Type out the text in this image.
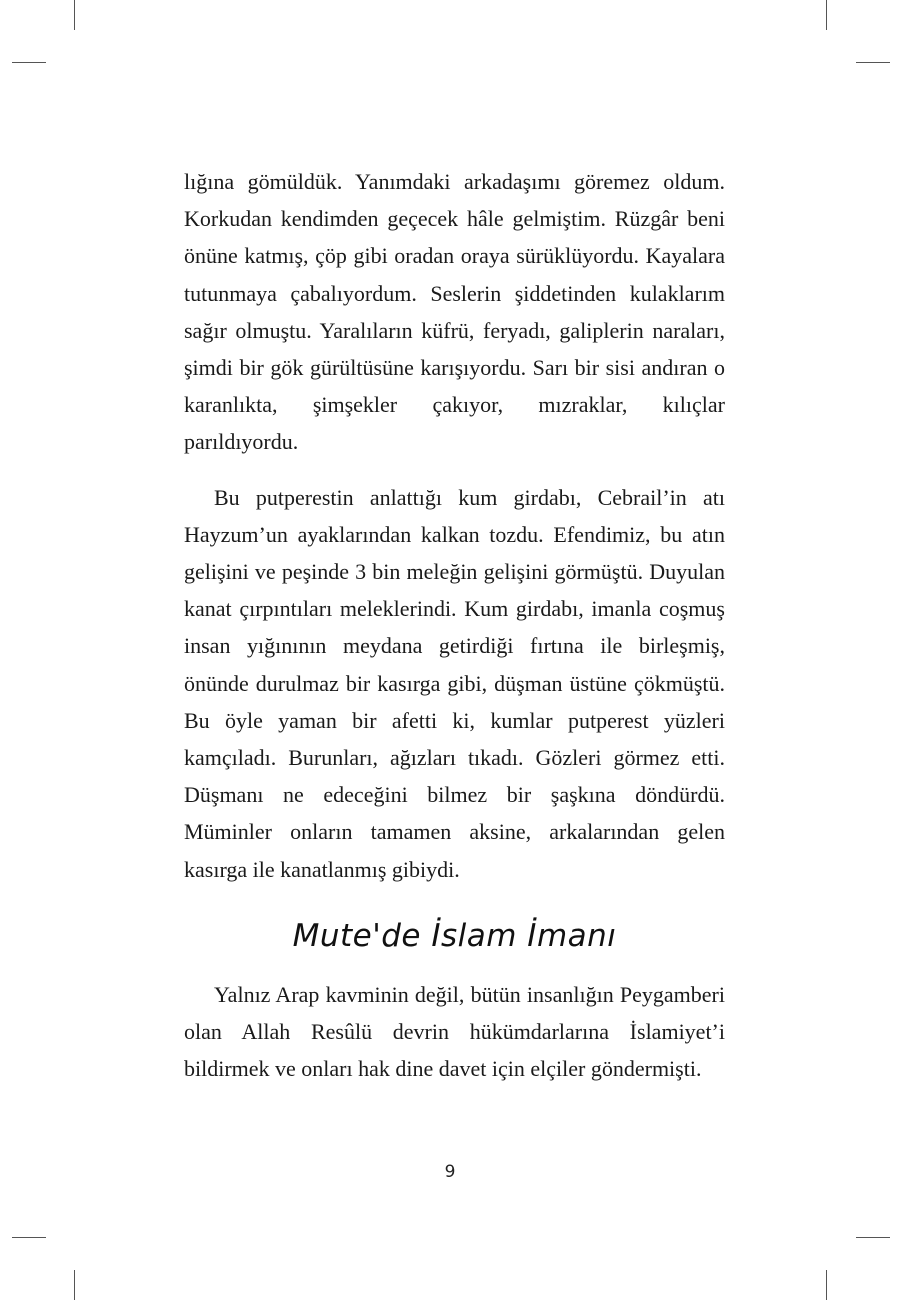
lığına gömüldük. Yanımdaki arkadaşımı göremez oldum. Korkudan kendimden geçecek hâle gelmiştim. Rüzgâr beni önüne katmış, çöp gibi oradan oraya sürüklüyordu. Kayalara tutunmaya çabalıyordum. Seslerin şiddetinden kulaklarım sağır olmuştu. Yaralıların küfrü, feryadı, galiplerin naraları, şimdi bir gök gürültüsüne karışıyordu. Sarı bir sisi andıran o karanlıkta, şimşekler çakıyor, mızraklar, kılıçlar parıldıyordu.

Bu putperestin anlattığı kum girdabı, Cebrail’in atı Hayzum’un ayaklarından kalkan tozdu. Efendimiz, bu atın gelişini ve peşinde 3 bin meleğin gelişini görmüştü. Duyulan kanat çırpıntıları meleklerindi. Kum girdabı, imanla coşmuş insan yığınının meydana getirdiği fırtına ile birleşmiş, önünde durulmaz bir kasırga gibi, düşman üstüne çökmüştü. Bu öyle yaman bir afetti ki, kumlar putperest yüzleri kamçıladı. Burunları, ağızları tıkadı. Gözleri görmez etti. Düşmanı ne edeceğini bilmez bir şaşkına döndürdü. Müminler onların tamamen aksine, arkalarından gelen kasırga ile kanatlanmış gibiydi.

Mute'de İslam İmanı

Yalnız Arap kavminin değil, bütün insanlığın Peygamberi olan Allah Resûlü devrin hükümdarlarına İslamiyet’i bildirmek ve onları hak dine davet için elçiler göndermişti.

9
